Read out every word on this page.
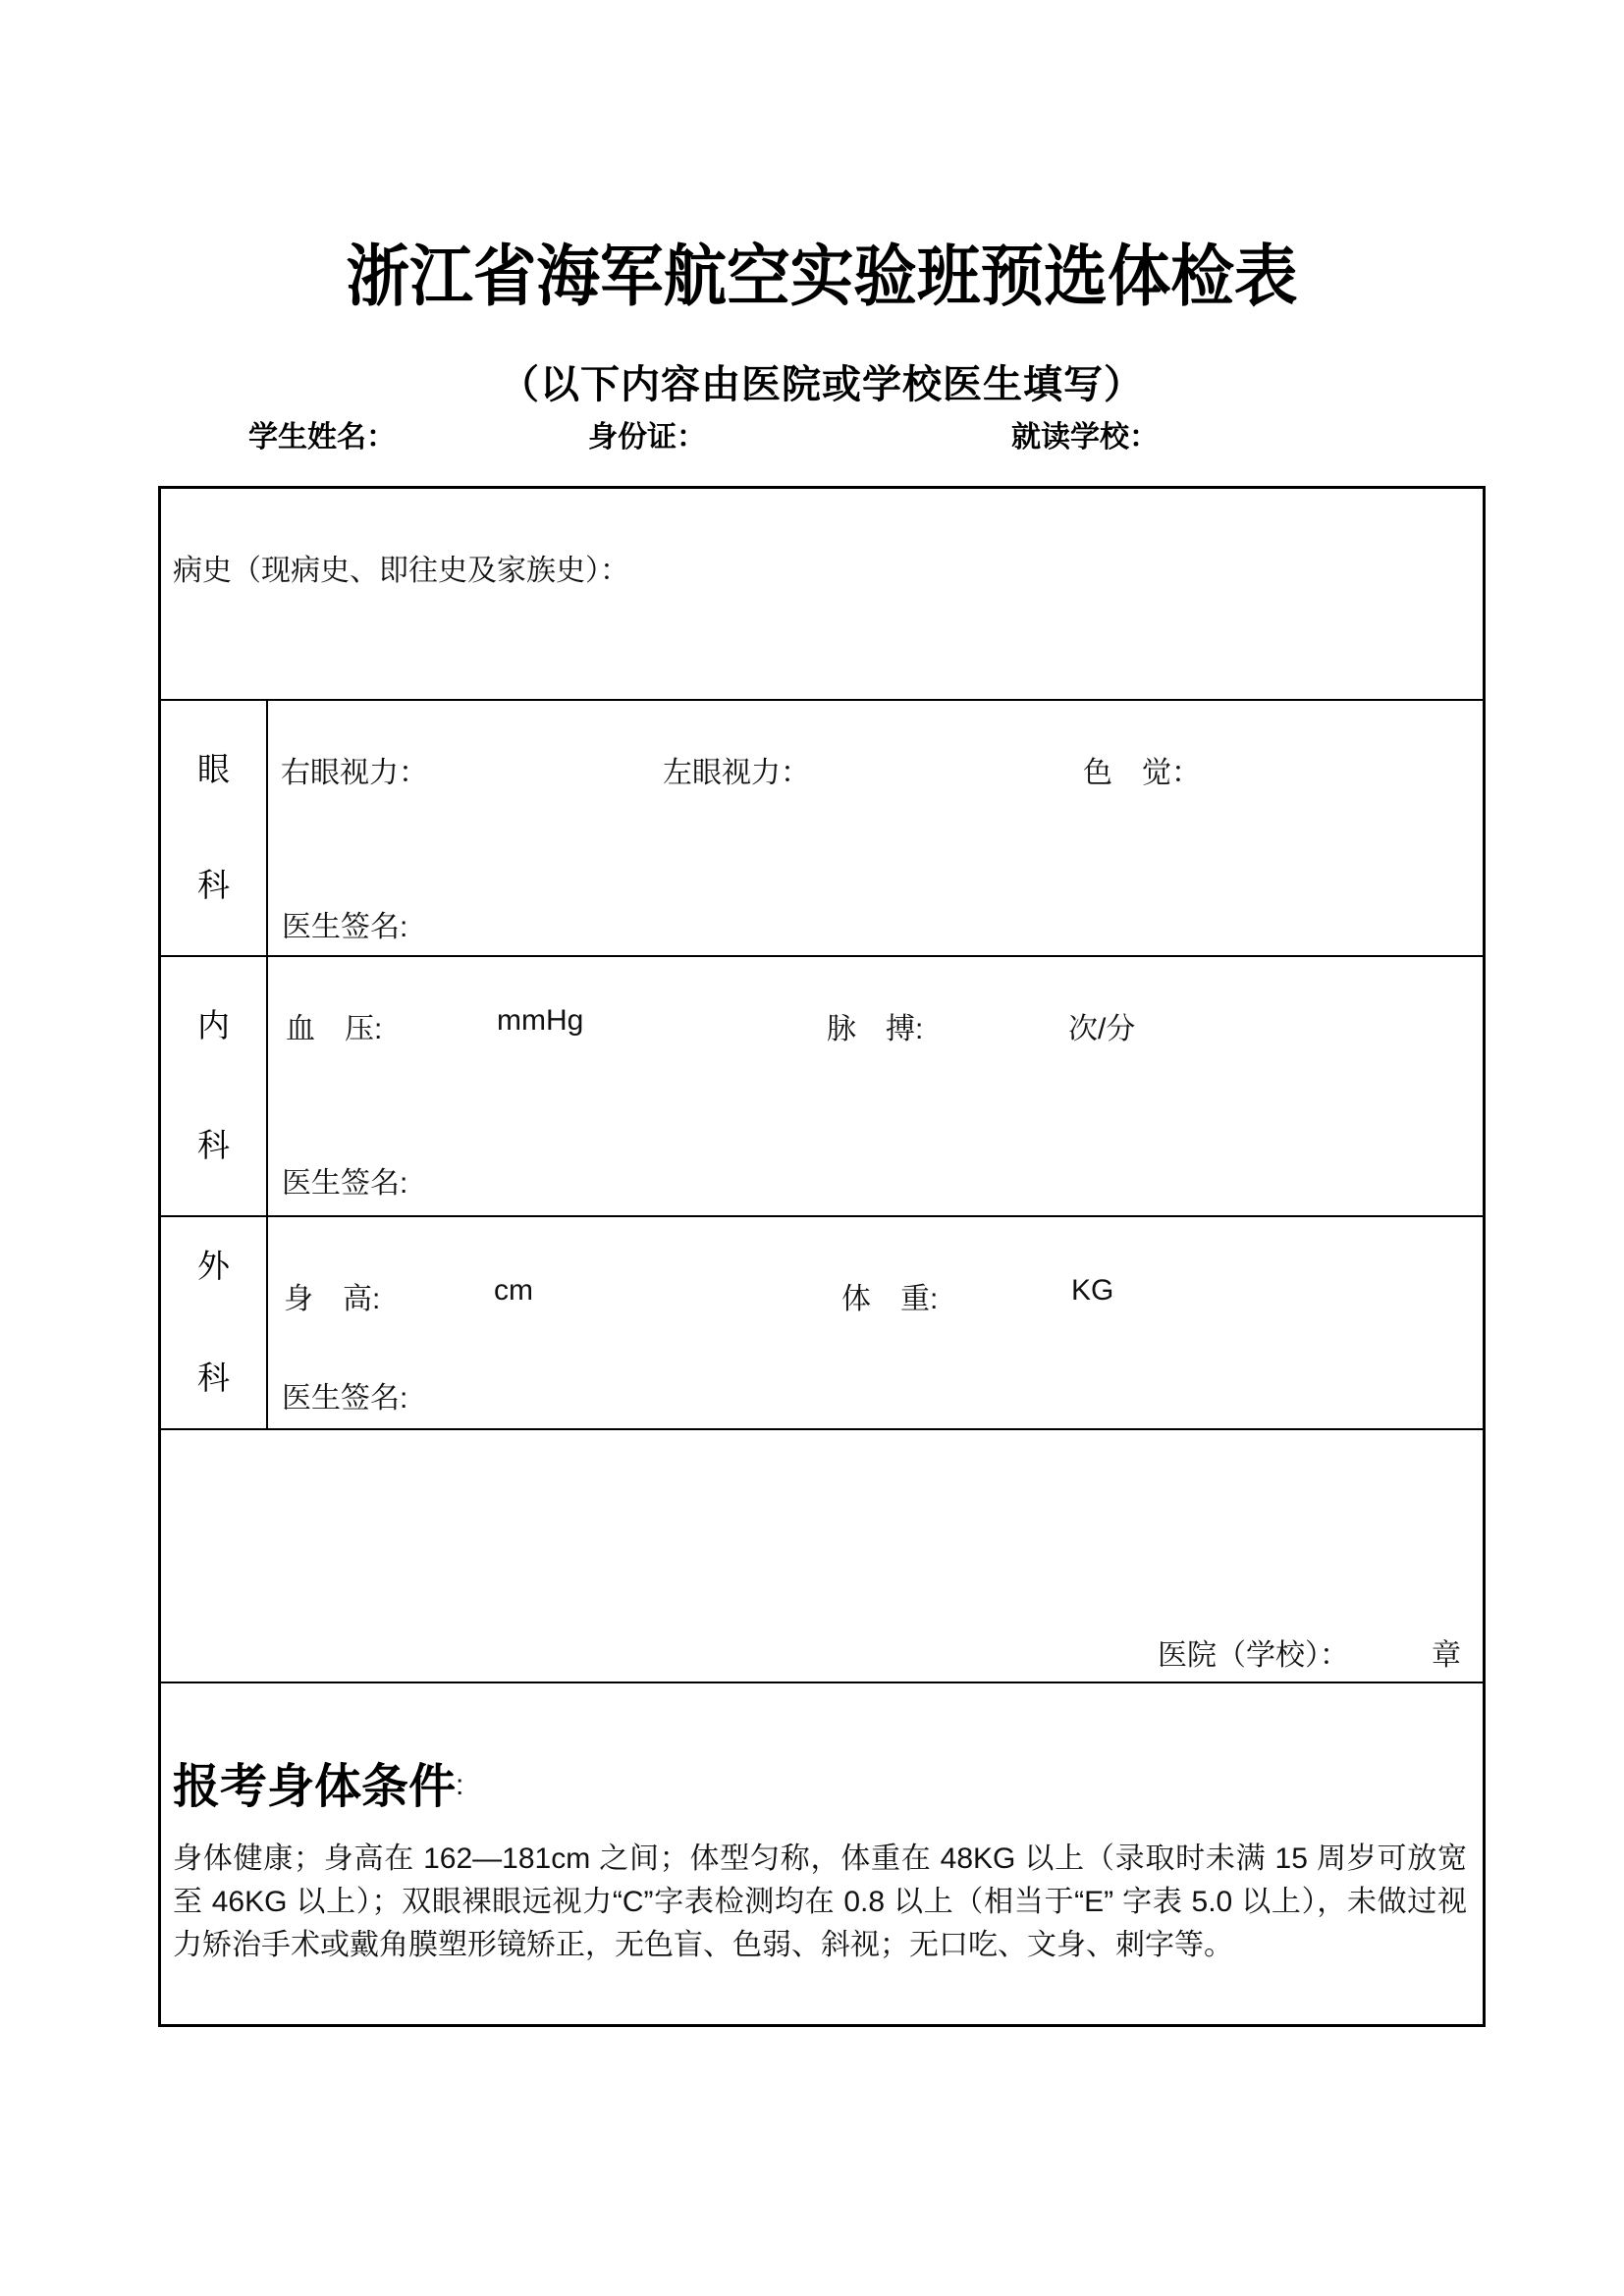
浙江省海军航空实验班预选体检表
（以下内容由医院或学校医生填写）
学生姓名：	身份证：	就读学校：
病史（现病史、即往史及家族史）：
眼
科
右眼视力：	左眼视力：	色　觉：
医生签名:
内
科
血　压:	mmHg	脉　搏:	次/分
医生签名:
外
科
身　高:	cm	体　重:	KG
医生签名:
医院（学校）：	章
报考身体条件:

身体健康；身高在 162—181cm 之间；体型匀称，体重在 48KG 以上（录取时未满 15 周岁可放宽至 46KG 以上）；双眼裸眼远视力“C”字表检测均在 0.8 以上（相当于“E” 字表 5.0 以上），未做过视力矫治手术或戴角膜塑形镜矫正，无色盲、色弱、斜视；无口吃、文身、刺字等。
